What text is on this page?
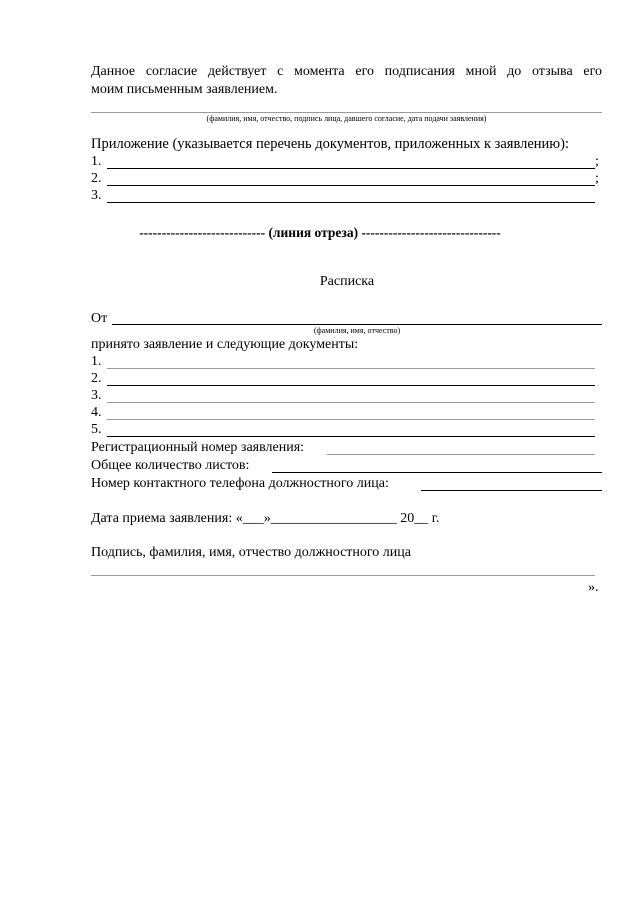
Данное согласие действует с момента его подписания мной до отзыва его
моим письменным заявлением.
(фамилия, имя, отчество, подпись лица, давшего согласие, дата подачи заявления)
Приложение (указывается перечень документов, приложенных к заявлению):
1.	;
2.	;
3.
---------------------------- (линия отреза) -------------------------------
Расписка
От
(фамилия, имя, отчество)
принято заявление и следующие документы:
1.
2.
3.
4.
5.
Регистрационный номер заявления:
Общее количество листов:
Номер контактного телефона должностного лица:
Дата приема заявления: «___»__________________ 20__ г.
Подпись, фамилия, имя, отчество должностного лица
».
